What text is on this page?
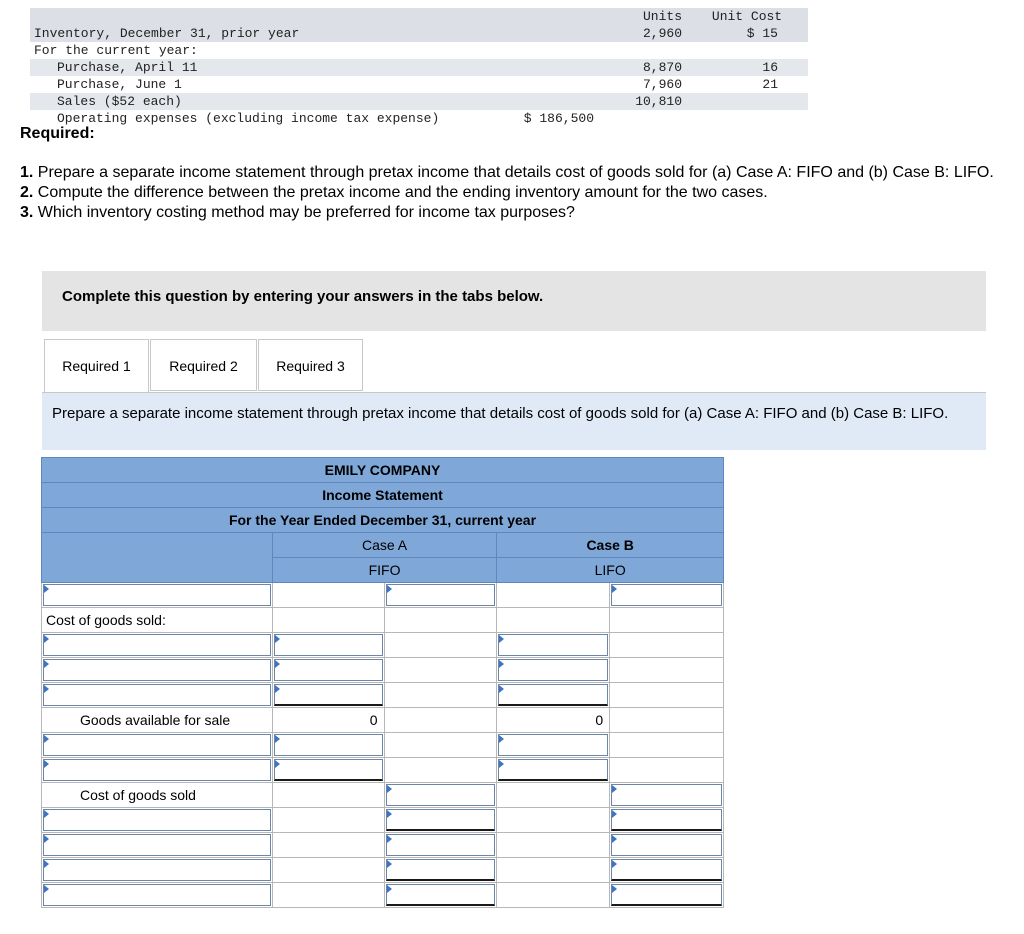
		Units	Unit Cost
Inventory, December 31, prior year		2,960	$ 15
For the current year:			
Purchase, April 11		8,870	16
Purchase, June 1		7,960	21
Sales ($52 each)		10,810	
Operating expenses (excluding income tax expense)	$ 186,500		
Required:
1. Prepare a separate income statement through pretax income that details cost of goods sold for (a) Case A: FIFO and (b) Case B: LIFO.
2. Compute the difference between the pretax income and the ending inventory amount for the two cases.
3. Which inventory costing method may be preferred for income tax purposes?
Complete this question by entering your answers in the tabs below.
Required 1	Required 2	Required 3
Prepare a separate income statement through pretax income that details cost of goods sold for (a) Case A: FIFO and (b) Case B: LIFO.
EMILY COMPANY				
Income Statement				
For the Year Ended December 31, current year				
	Case A		Case B	
	FIFO		LIFO	

Cost of goods sold:				

Goods available for sale	0		0	

Cost of goods sold		
